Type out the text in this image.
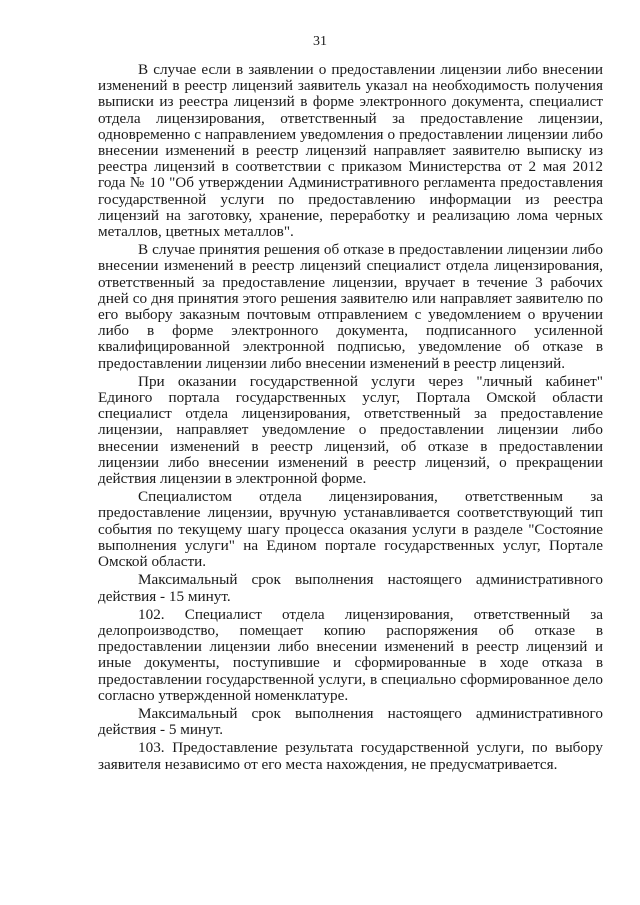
31

В случае если в заявлении о предоставлении лицензии либо внесении изменений в реестр лицензий заявитель указал на необходимость получения выписки из реестра лицензий в форме электронного документа, специалист отдела лицензирования, ответственный за предоставление лицензии, одновременно с направлением уведомления о предоставлении лицензии либо внесении изменений в реестр лицензий направляет заявителю выписку из реестра лицензий в соответствии с приказом Министерства от 2 мая 2012 года № 10 "Об утверждении Административного регламента предоставления государственной услуги по предоставлению информации из реестра лицензий на заготовку, хранение, переработку и реализацию лома черных металлов, цветных металлов".

В случае принятия решения об отказе в предоставлении лицензии либо внесении изменений в реестр лицензий специалист отдела лицензирования, ответственный за предоставление лицензии, вручает в течение 3 рабочих дней со дня принятия этого решения заявителю или направляет заявителю по его выбору заказным почтовым отправлением с уведомлением о вручении либо в форме электронного документа, подписанного усиленной квалифицированной электронной подписью, уведомление об отказе в предоставлении лицензии либо внесении изменений в реестр лицензий.

При оказании государственной услуги через "личный кабинет" Единого портала государственных услуг, Портала Омской области специалист отдела лицензирования, ответственный за предоставление лицензии, направляет уведомление о предоставлении лицензии либо внесении изменений в реестр лицензий, об отказе в предоставлении лицензии либо внесении изменений в реестр лицензий, о прекращении действия лицензии в электронной форме.

Специалистом отдела лицензирования, ответственным за предоставление лицензии, вручную устанавливается соответствующий тип события по текущему шагу процесса оказания услуги в разделе "Состояние выполнения услуги" на Едином портале государственных услуг, Портале Омской области.

Максимальный срок выполнения настоящего административного действия - 15 минут.

102. Специалист отдела лицензирования, ответственный за делопроизводство, помещает копию распоряжения об отказе в предоставлении лицензии либо внесении изменений в реестр лицензий и иные документы, поступившие и сформированные в ходе отказа в предоставлении государственной услуги, в специально сформированное дело согласно утвержденной номенклатуре.

Максимальный срок выполнения настоящего административного действия - 5 минут.

103. Предоставление результата государственной услуги, по выбору заявителя независимо от его места нахождения, не предусматривается.
